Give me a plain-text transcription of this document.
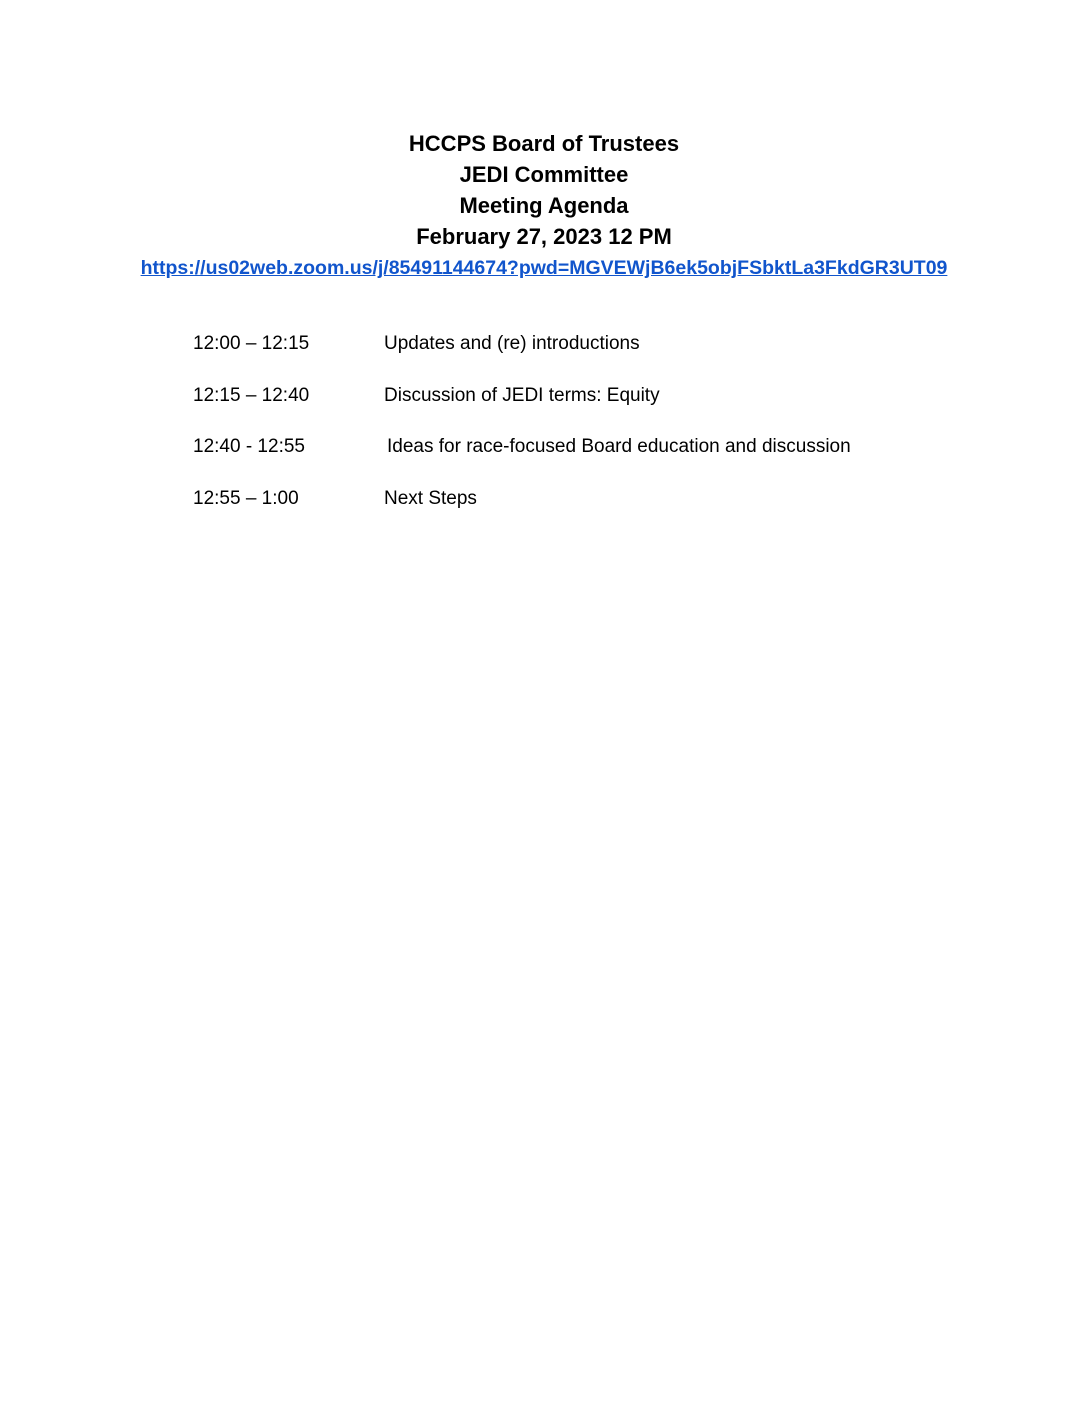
HCCPS Board of Trustees
JEDI Committee
Meeting Agenda
February 27, 2023 12 PM
https://us02web.zoom.us/j/85491144674?pwd=MGVEWjB6ek5objFSbktLa3FkdGR3UT09
12:00 – 12:15	Updates and (re) introductions
12:15 – 12:40	Discussion of JEDI terms: Equity
12:40 - 12:55	Ideas for race-focused Board education and discussion
12:55 – 1:00	Next Steps
